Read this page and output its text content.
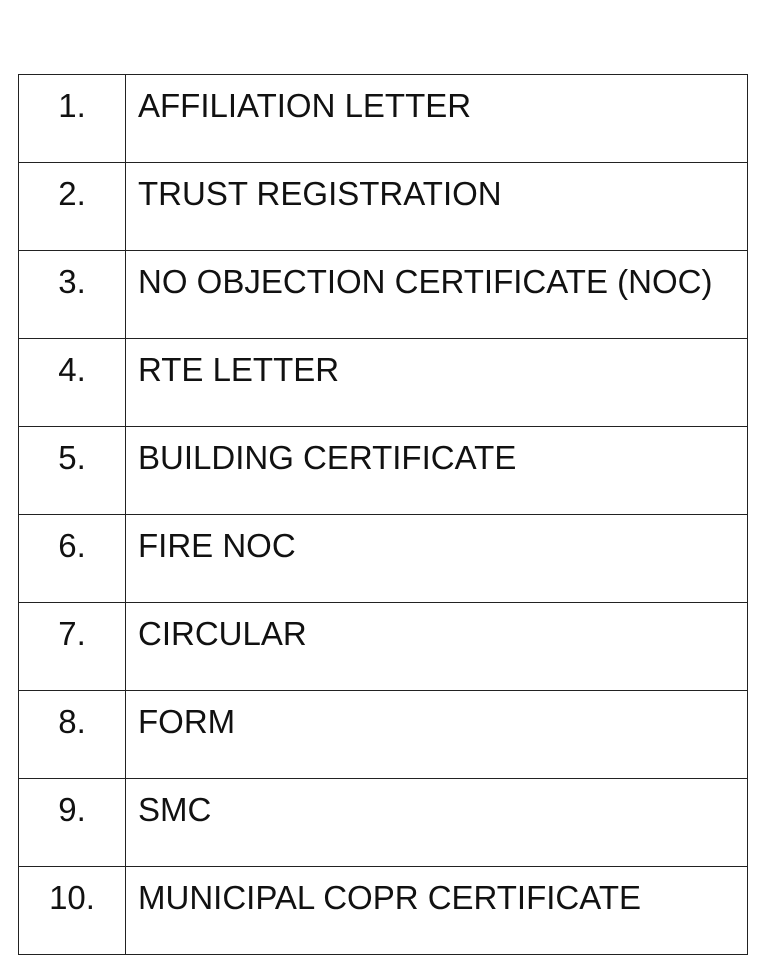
1.	AFFILIATION LETTER
2.	TRUST REGISTRATION
3.	NO OBJECTION CERTIFICATE (NOC)
4.	RTE LETTER
5.	BUILDING CERTIFICATE
6.	FIRE NOC
7.	CIRCULAR
8.	FORM
9.	SMC
10.	MUNICIPAL COPR CERTIFICATE
